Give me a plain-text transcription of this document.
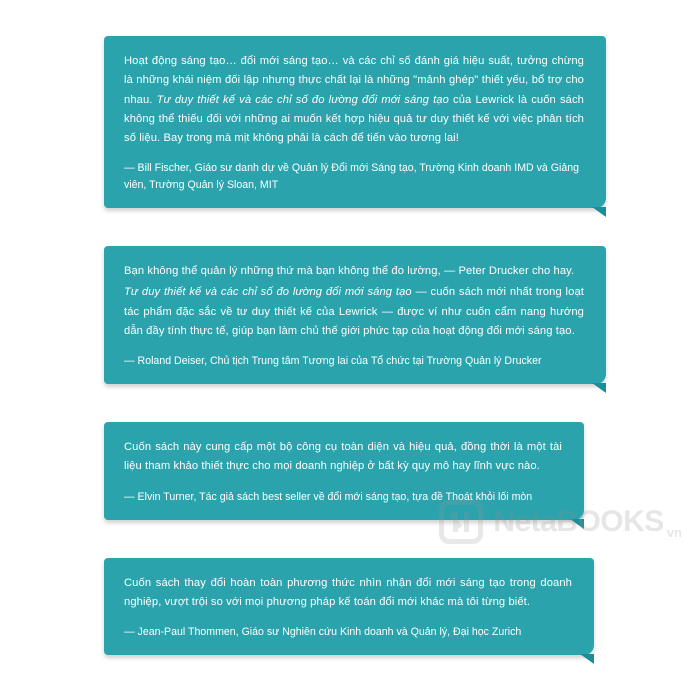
Hoạt động sáng tạo… đổi mới sáng tạo… và các chỉ số đánh giá hiệu suất, tưởng chừng là những khái niệm đối lập nhưng thực chất lại là những "mảnh ghép" thiết yếu, bổ trợ cho nhau. Tư duy thiết kế và các chỉ số đo lường đổi mới sáng tạo của Lewrick là cuốn sách không thể thiếu đối với những ai muốn kết hợp hiệu quả tư duy thiết kế với việc phân tích số liệu. Bay trong mà mịt không phải là cách để tiến vào tương lai!

— Bill Fischer, Giáo sư danh dự về Quản lý Đổi mới Sáng tạo, Trường Kinh doanh IMD và Giảng viên, Trường Quản lý Sloan, MIT

Bạn không thể quản lý những thứ mà bạn không thể đo lường, — Peter Drucker cho hay.

Tư duy thiết kế và các chỉ số đo lường đổi mới sáng tạo — cuốn sách mới nhất trong loạt tác phẩm đặc sắc về tư duy thiết kế của Lewrick — được ví như cuốn cẩm nang hướng dẫn đầy tính thực tế, giúp bạn làm chủ thế giới phức tạp của hoạt động đổi mới sáng tạo.

— Roland Deiser, Chủ tịch Trung tâm Tương lai của Tổ chức tại Trường Quản lý Drucker

Cuốn sách này cung cấp một bộ công cụ toàn diện và hiệu quả, đồng thời là một tài liệu tham khảo thiết thực cho mọi doanh nghiệp ở bất kỳ quy mô hay lĩnh vực nào.

— Elvin Turner, Tác giả sách best seller về đổi mới sáng tạo, tựa đề Thoát khỏi lối mòn

Cuốn sách thay đổi hoàn toàn phương thức nhìn nhận đổi mới sáng tạo trong doanh nghiệp, vượt trội so với mọi phương pháp kế toán đổi mới khác mà tôi từng biết.

— Jean-Paul Thommen, Giáo sư Nghiên cứu Kinh doanh và Quản lý, Đại học Zurich
NetaBOOKS vn
